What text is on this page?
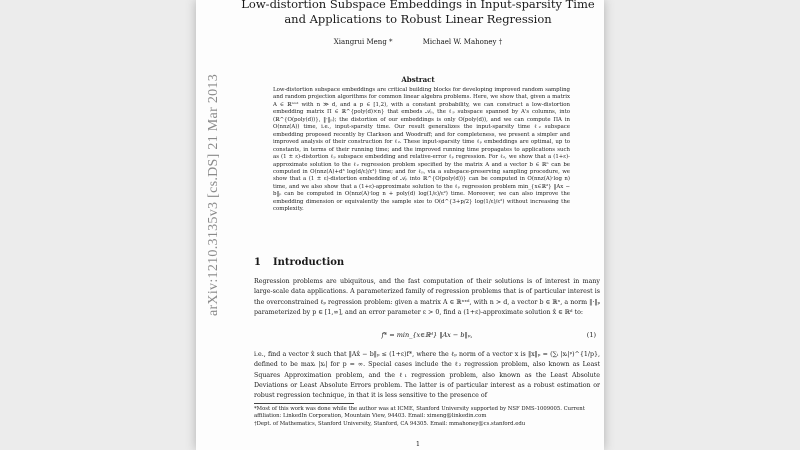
arXiv:1210.3135v3 [cs.DS] 21 Mar 2013
Low-distortion Subspace Embeddings in Input-sparsity Time
and Applications to Robust Linear Regression
Xiangrui Meng *	Michael W. Mahoney †
Abstract
Low-distortion subspace embeddings are critical building blocks for developing improved random sampling and random projection algorithms for common linear algebra problems. Here, we show that, given a matrix A ∈ ℝⁿˣᵈ with n ≫ d, and a p ∈ [1,2), with a constant probability, we can construct a low-distortion embedding matrix Π ∈ ℝ^{poly(d)×n} that embeds 𝒜ₚ, the ℓₚ subspace spanned by A's columns, into (ℝ^{O(poly(d))}, ‖·‖ₚ); the distortion of our embeddings is only O(poly(d)), and we can compute ΠA in O(nnz(A)) time, i.e., input-sparsity time. Our result generalizes the input-sparsity time ℓ₂ subspace embedding proposed recently by Clarkson and Woodruff; and for completeness, we present a simpler and improved analysis of their construction for ℓ₂. These input-sparsity time ℓₚ embeddings are optimal, up to constants, in terms of their running time; and the improved running time propagates to applications such as (1 ± ε)-distortion ℓₚ subspace embedding and relative-error ℓₚ regression. For ℓ₂, we show that a (1+ε)-approximate solution to the ℓ₂ regression problem specified by the matrix A and a vector b ∈ ℝⁿ can be computed in O(nnz(A)+d³ log(d/ε)/ε²) time; and for ℓₚ, via a subspace-preserving sampling procedure, we show that a (1 ± ε)-distortion embedding of 𝒜ₚ into ℝ^{O(poly(d))} can be computed in O(nnz(A)·log n) time, and we also show that a (1+ε)-approximate solution to the ℓₚ regression problem min_{x∈ℝᵈ} ‖Ax − b‖ₚ can be computed in O(nnz(A)·log n + poly(d) log(1/ε)/ε²) time. Moreover, we can also improve the embedding dimension or equivalently the sample size to O(d^{3+p/2} log(1/ε)/ε²) without increasing the complexity.
1 Introduction
Regression problems are ubiquitous, and the fast computation of their solutions is of interest in many large-scale data applications. A parameterized family of regression problems that is of particular interest is the overconstrained ℓₚ regression problem: given a matrix A ∈ ℝⁿˣᵈ, with n > d, a vector b ∈ ℝⁿ, a norm ‖·‖ₚ parameterized by p ∈ [1,∞], and an error parameter ε > 0, find a (1+ε)-approximate solution x̂ ∈ ℝᵈ to:
f* = min_{x∈ℝᵈ} ‖Ax − b‖ₚ,	(1)
i.e., find a vector x̂ such that ‖Ax̂ − b‖ₚ ≤ (1+ε)f*, where the ℓₚ norm of a vector x is ‖x‖ₚ = (∑ᵢ |xᵢ|ᵖ)^{1/p}, defined to be maxᵢ |xᵢ| for p = ∞. Special cases include the ℓ₂ regression problem, also known as Least Squares Approximation problem, and the ℓ₁ regression problem, also known as the Least Absolute Deviations or Least Absolute Errors problem. The latter is of particular interest as a robust estimation or robust regression technique, in that it is less sensitive to the presence of

*Most of this work was done while the author was at ICME, Stanford University supported by NSF DMS-1009005. Current affiliation: LinkedIn Corporation, Mountain View, 94403. Email: ximeng@linkedin.com

†Dept. of Mathematics, Stanford University, Stanford, CA 94305. Email: mmahoney@cs.stanford.edu

1
